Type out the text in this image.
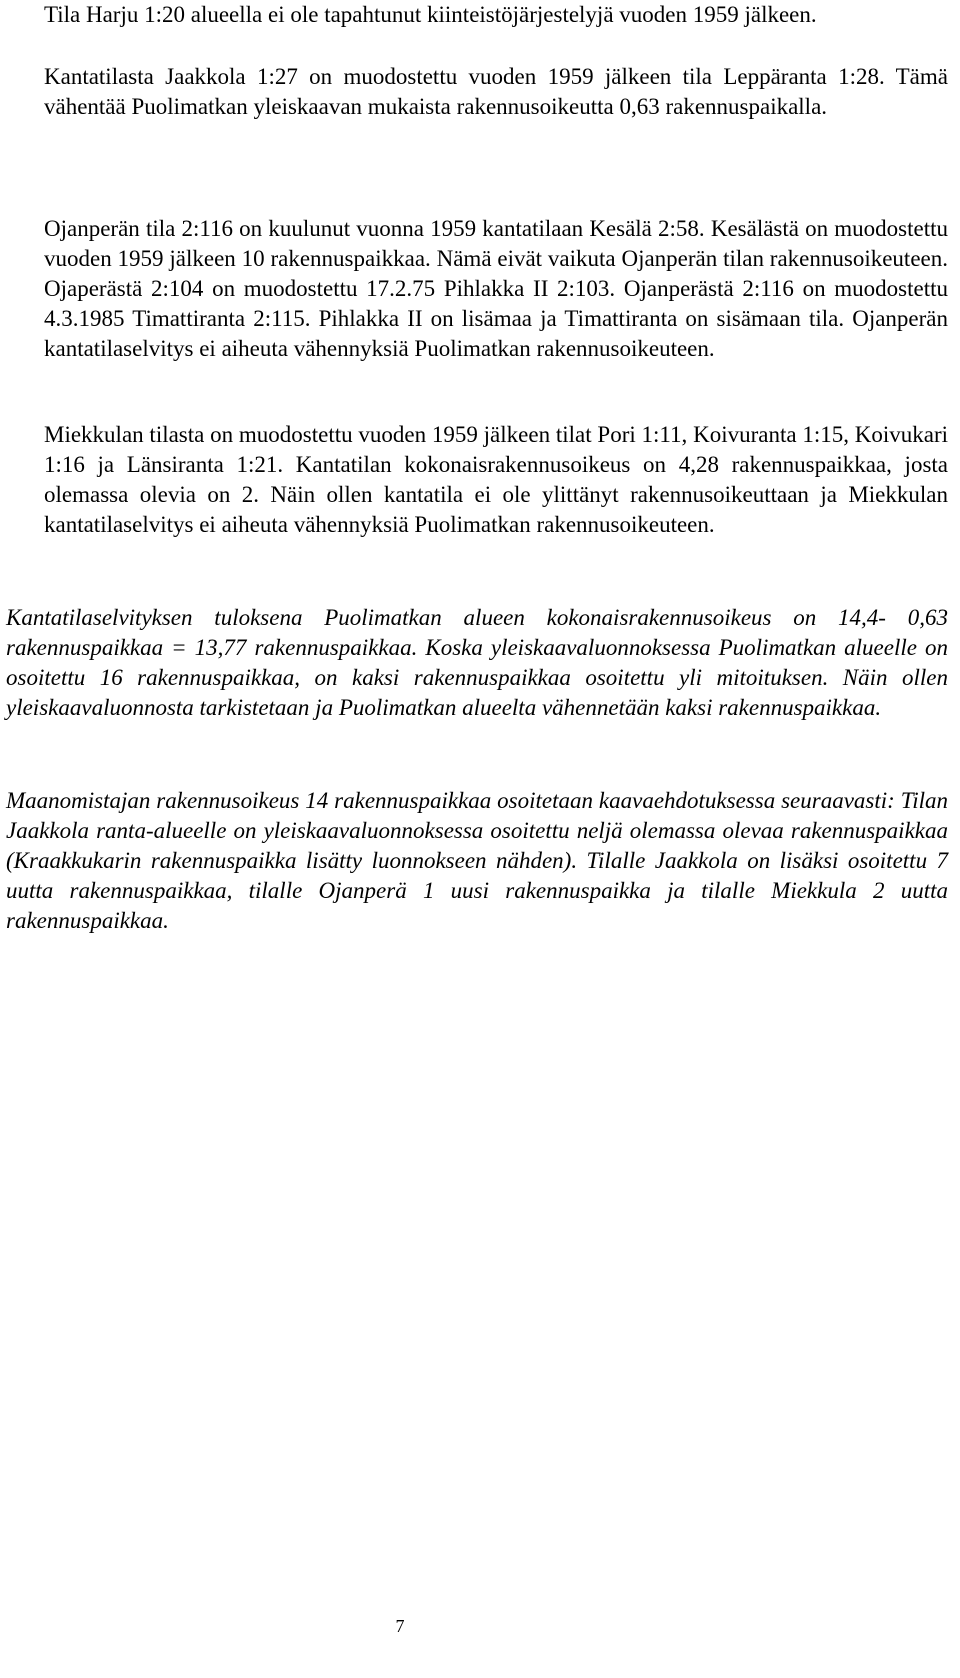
Tila Harju 1:20 alueella ei ole tapahtunut kiinteistöjärjestelyjä vuoden 1959 jälkeen.

Kantatilasta Jaakkola 1:27 on muodostettu vuoden 1959 jälkeen tila Leppäranta 1:28. Tämä vähentää Puolimatkan yleiskaavan mukaista rakennusoikeutta 0,63 rakennuspaikalla.

Ojanperän tila 2:116 on kuulunut vuonna 1959 kantatilaan Kesälä 2:58. Kesälästä on muodostettu vuoden 1959 jälkeen 10 rakennuspaikkaa. Nämä eivät vaikuta Ojanperän tilan rakennusoikeuteen. Ojaperästä 2:104 on muodostettu 17.2.75 Pihlakka II 2:103. Ojanperästä 2:116 on muodostettu 4.3.1985 Timattiranta 2:115. Pihlakka II on lisämaa ja Timattiranta on sisämaan tila. Ojanperän kantatilaselvitys ei aiheuta vähennyksiä Puolimatkan rakennusoikeuteen.

Miekkulan tilasta on muodostettu vuoden 1959 jälkeen tilat Pori 1:11, Koivuranta 1:15, Koivukari 1:16 ja Länsiranta 1:21. Kantatilan kokonaisrakennusoikeus on 4,28 rakennuspaikkaa, josta olemassa olevia on 2. Näin ollen kantatila ei ole ylittänyt rakennusoikeuttaan ja Miekkulan kantatilaselvitys ei aiheuta vähennyksiä Puolimatkan rakennusoikeuteen.

Kantatilaselvityksen tuloksena Puolimatkan alueen kokonaisrakennusoikeus on 14,4- 0,63 rakennuspaikkaa = 13,77 rakennuspaikkaa. Koska yleiskaavaluonnoksessa Puolimatkan alueelle on osoitettu 16 rakennuspaikkaa, on kaksi rakennuspaikkaa osoitettu yli mitoituksen. Näin ollen yleiskaavaluonnosta tarkistetaan ja Puolimatkan alueelta vähennetään kaksi rakennuspaikkaa.

Maanomistajan rakennusoikeus 14 rakennuspaikkaa osoitetaan kaavaehdotuksessa seuraavasti: Tilan Jaakkola ranta-alueelle on yleiskaavaluonnoksessa osoitettu neljä olemassa olevaa rakennuspaikkaa (Kraakkukarin rakennuspaikka lisätty luonnokseen nähden). Tilalle Jaakkola on lisäksi osoitettu 7 uutta rakennuspaikkaa, tilalle Ojanperä 1 uusi rakennuspaikka ja tilalle Miekkula 2 uutta rakennuspaikkaa.

7
